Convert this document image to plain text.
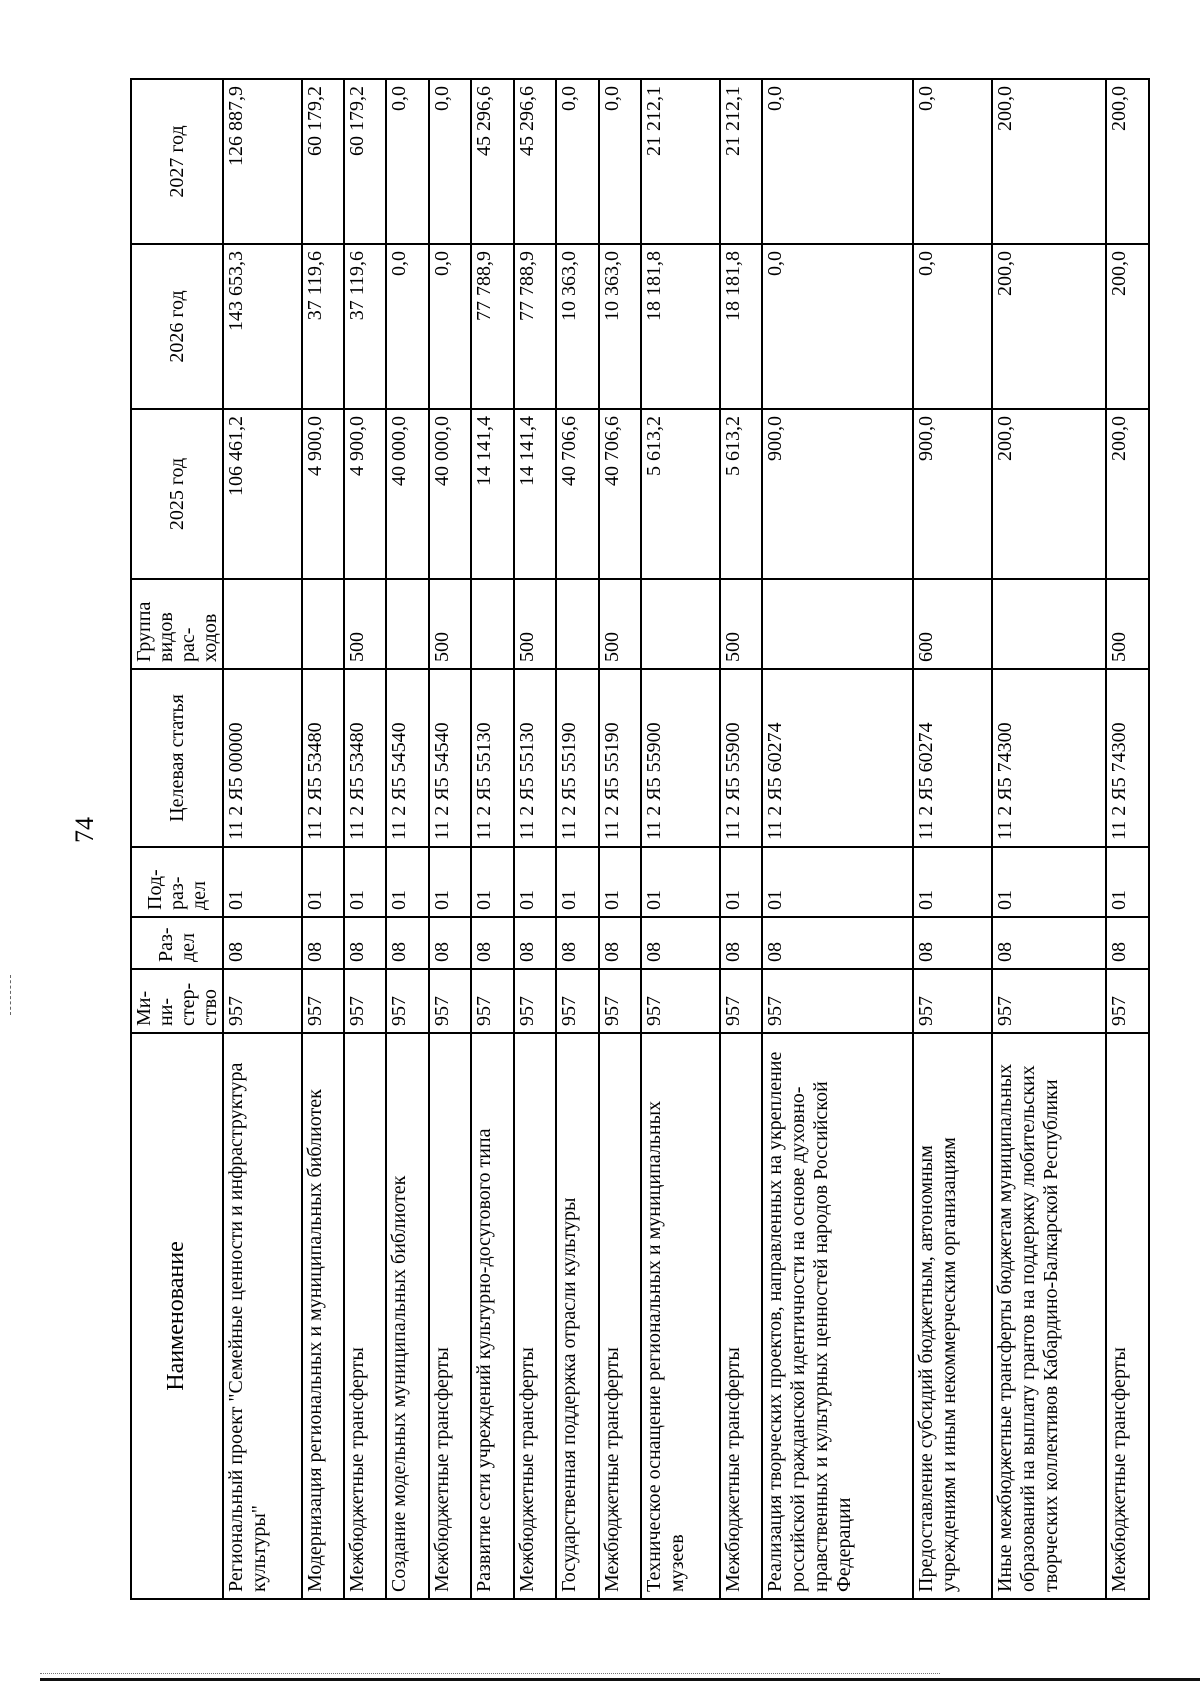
74
Наименование	Ми-ни-стер-ство	Раз-дел	Под-раз-дел	Целевая статья	Группа видов рас-ходов	2025 год	2026 год	2027 год
Региональный проект "Семейные ценности и инфраструктура культуры"	957	08	01	11 2 Я5 00000		106 461,2	143 653,3	126 887,9
Модернизация региональных и муниципальных библиотек	957	08	01	11 2 Я5 53480		4 900,0	37 119,6	60 179,2
Межбюджетные трансферты	957	08	01	11 2 Я5 53480	500	4 900,0	37 119,6	60 179,2
Создание модельных муниципальных библиотек	957	08	01	11 2 Я5 54540		40 000,0	0,0	0,0
Межбюджетные трансферты	957	08	01	11 2 Я5 54540	500	40 000,0	0,0	0,0
Развитие сети учреждений культурно-досугового типа	957	08	01	11 2 Я5 55130		14 141,4	77 788,9	45 296,6
Межбюджетные трансферты	957	08	01	11 2 Я5 55130	500	14 141,4	77 788,9	45 296,6
Государственная поддержка отрасли культуры	957	08	01	11 2 Я5 55190		40 706,6	10 363,0	0,0
Межбюджетные трансферты	957	08	01	11 2 Я5 55190	500	40 706,6	10 363,0	0,0
Техническое оснащение региональных и муниципальных музеев	957	08	01	11 2 Я5 55900		5 613,2	18 181,8	21 212,1
Межбюджетные трансферты	957	08	01	11 2 Я5 55900	500	5 613,2	18 181,8	21 212,1
Реализация творческих проектов, направленных на укрепление российской гражданской идентичности на основе духовно-нравственных и культурных ценностей народов Российской Федерации	957	08	01	11 2 Я5 60274		900,0	0,0	0,0
Предоставление субсидий бюджетным, автономным учреждениям и иным некоммерческим организациям	957	08	01	11 2 Я5 60274	600	900,0	0,0	0,0
Иные межбюджетные трансферты бюджетам муниципальных образований на выплату грантов на поддержку любительских творческих коллективов Кабардино-Балкарской Республики	957	08	01	11 2 Я5 74300		200,0	200,0	200,0
Межбюджетные трансферты	957	08	01	11 2 Я5 74300	500	200,0	200,0	200,0
